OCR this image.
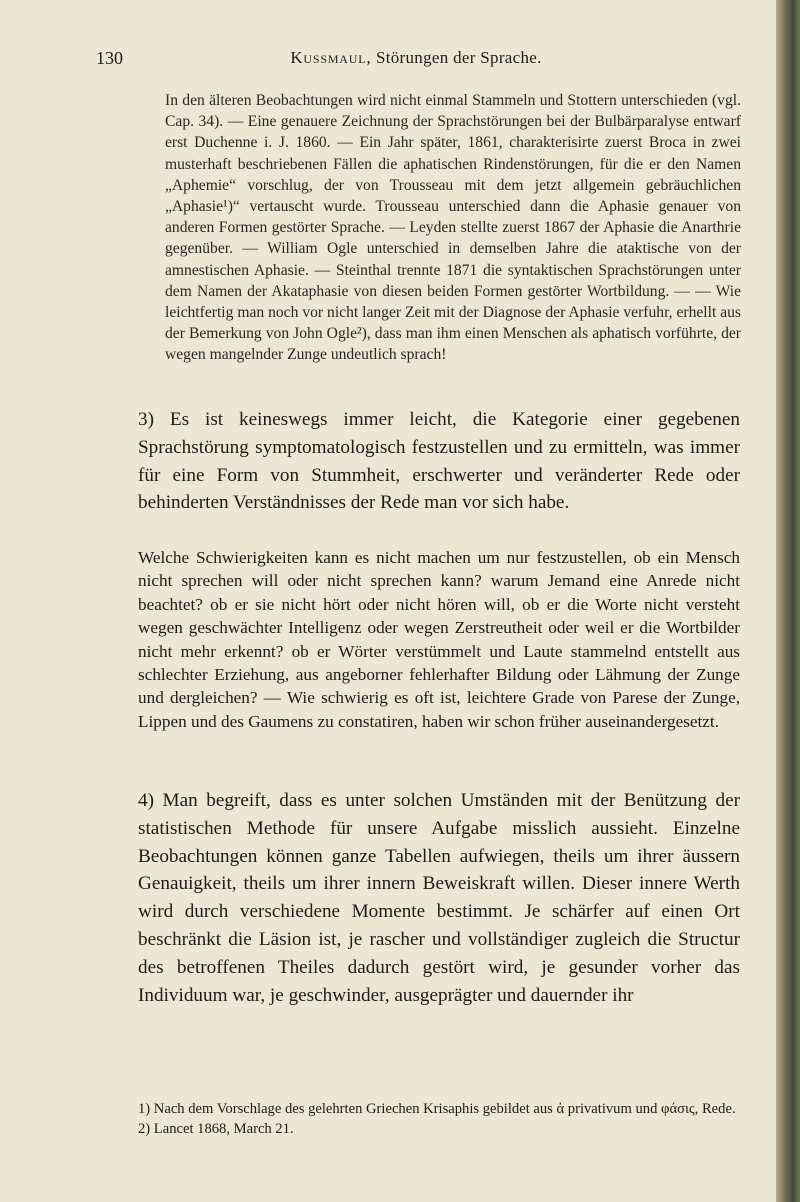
130	Kussmaul, Störungen der Sprache.

In den älteren Beobachtungen wird nicht einmal Stammeln und Stottern unterschieden (vgl. Cap. 34). — Eine genauere Zeichnung der Sprachstörungen bei der Bulbärparalyse entwarf erst Duchenne i. J. 1860. — Ein Jahr später, 1861, charakterisirte zuerst Broca in zwei musterhaft beschriebenen Fällen die aphatischen Rindenstörungen, für die er den Namen „Aphemie“ vorschlug, der von Trousseau mit dem jetzt allgemein gebräuchlichen „Aphasie¹)“ vertauscht wurde. Trousseau unterschied dann die Aphasie genauer von anderen Formen gestörter Sprache. — Leyden stellte zuerst 1867 der Aphasie die Anarthrie gegenüber. — William Ogle unterschied in demselben Jahre die ataktische von der amnestischen Aphasie. — Steinthal trennte 1871 die syntaktischen Sprachstörungen unter dem Namen der Akataphasie von diesen beiden Formen gestörter Wortbildung. — — Wie leichtfertig man noch vor nicht langer Zeit mit der Diagnose der Aphasie verfuhr, erhellt aus der Bemerkung von John Ogle²), dass man ihm einen Menschen als aphatisch vorführte, der wegen mangelnder Zunge undeutlich sprach!

3) Es ist keineswegs immer leicht, die Kategorie einer gegebenen Sprachstörung symptomatologisch festzustellen und zu ermitteln, was immer für eine Form von Stummheit, erschwerter und veränderter Rede oder behinderten Verständnisses der Rede man vor sich habe.

Welche Schwierigkeiten kann es nicht machen um nur festzustellen, ob ein Mensch nicht sprechen will oder nicht sprechen kann? warum Jemand eine Anrede nicht beachtet? ob er sie nicht hört oder nicht hören will, ob er die Worte nicht versteht wegen geschwächter Intelligenz oder wegen Zerstreutheit oder weil er die Wortbilder nicht mehr erkennt? ob er Wörter verstümmelt und Laute stammelnd entstellt aus schlechter Erziehung, aus angeborner fehlerhafter Bildung oder Lähmung der Zunge und dergleichen? — Wie schwierig es oft ist, leichtere Grade von Parese der Zunge, Lippen und des Gaumens zu constatiren, haben wir schon früher auseinandergesetzt.

4) Man begreift, dass es unter solchen Umständen mit der Benützung der statistischen Methode für unsere Aufgabe misslich aussieht. Einzelne Beobachtungen können ganze Tabellen aufwiegen, theils um ihrer äussern Genauigkeit, theils um ihrer innern Beweiskraft willen. Dieser innere Werth wird durch verschiedene Momente bestimmt. Je schärfer auf einen Ort beschränkt die Läsion ist, je rascher und vollständiger zugleich die Structur des betroffenen Theiles dadurch gestört wird, je gesunder vorher das Individuum war, je geschwinder, ausgeprägter und dauernder ihr

1) Nach dem Vorschlage des gelehrten Griechen Krisaphis gebildet aus ἀ privativum und φάσις, Rede.

2) Lancet 1868, March 21.
